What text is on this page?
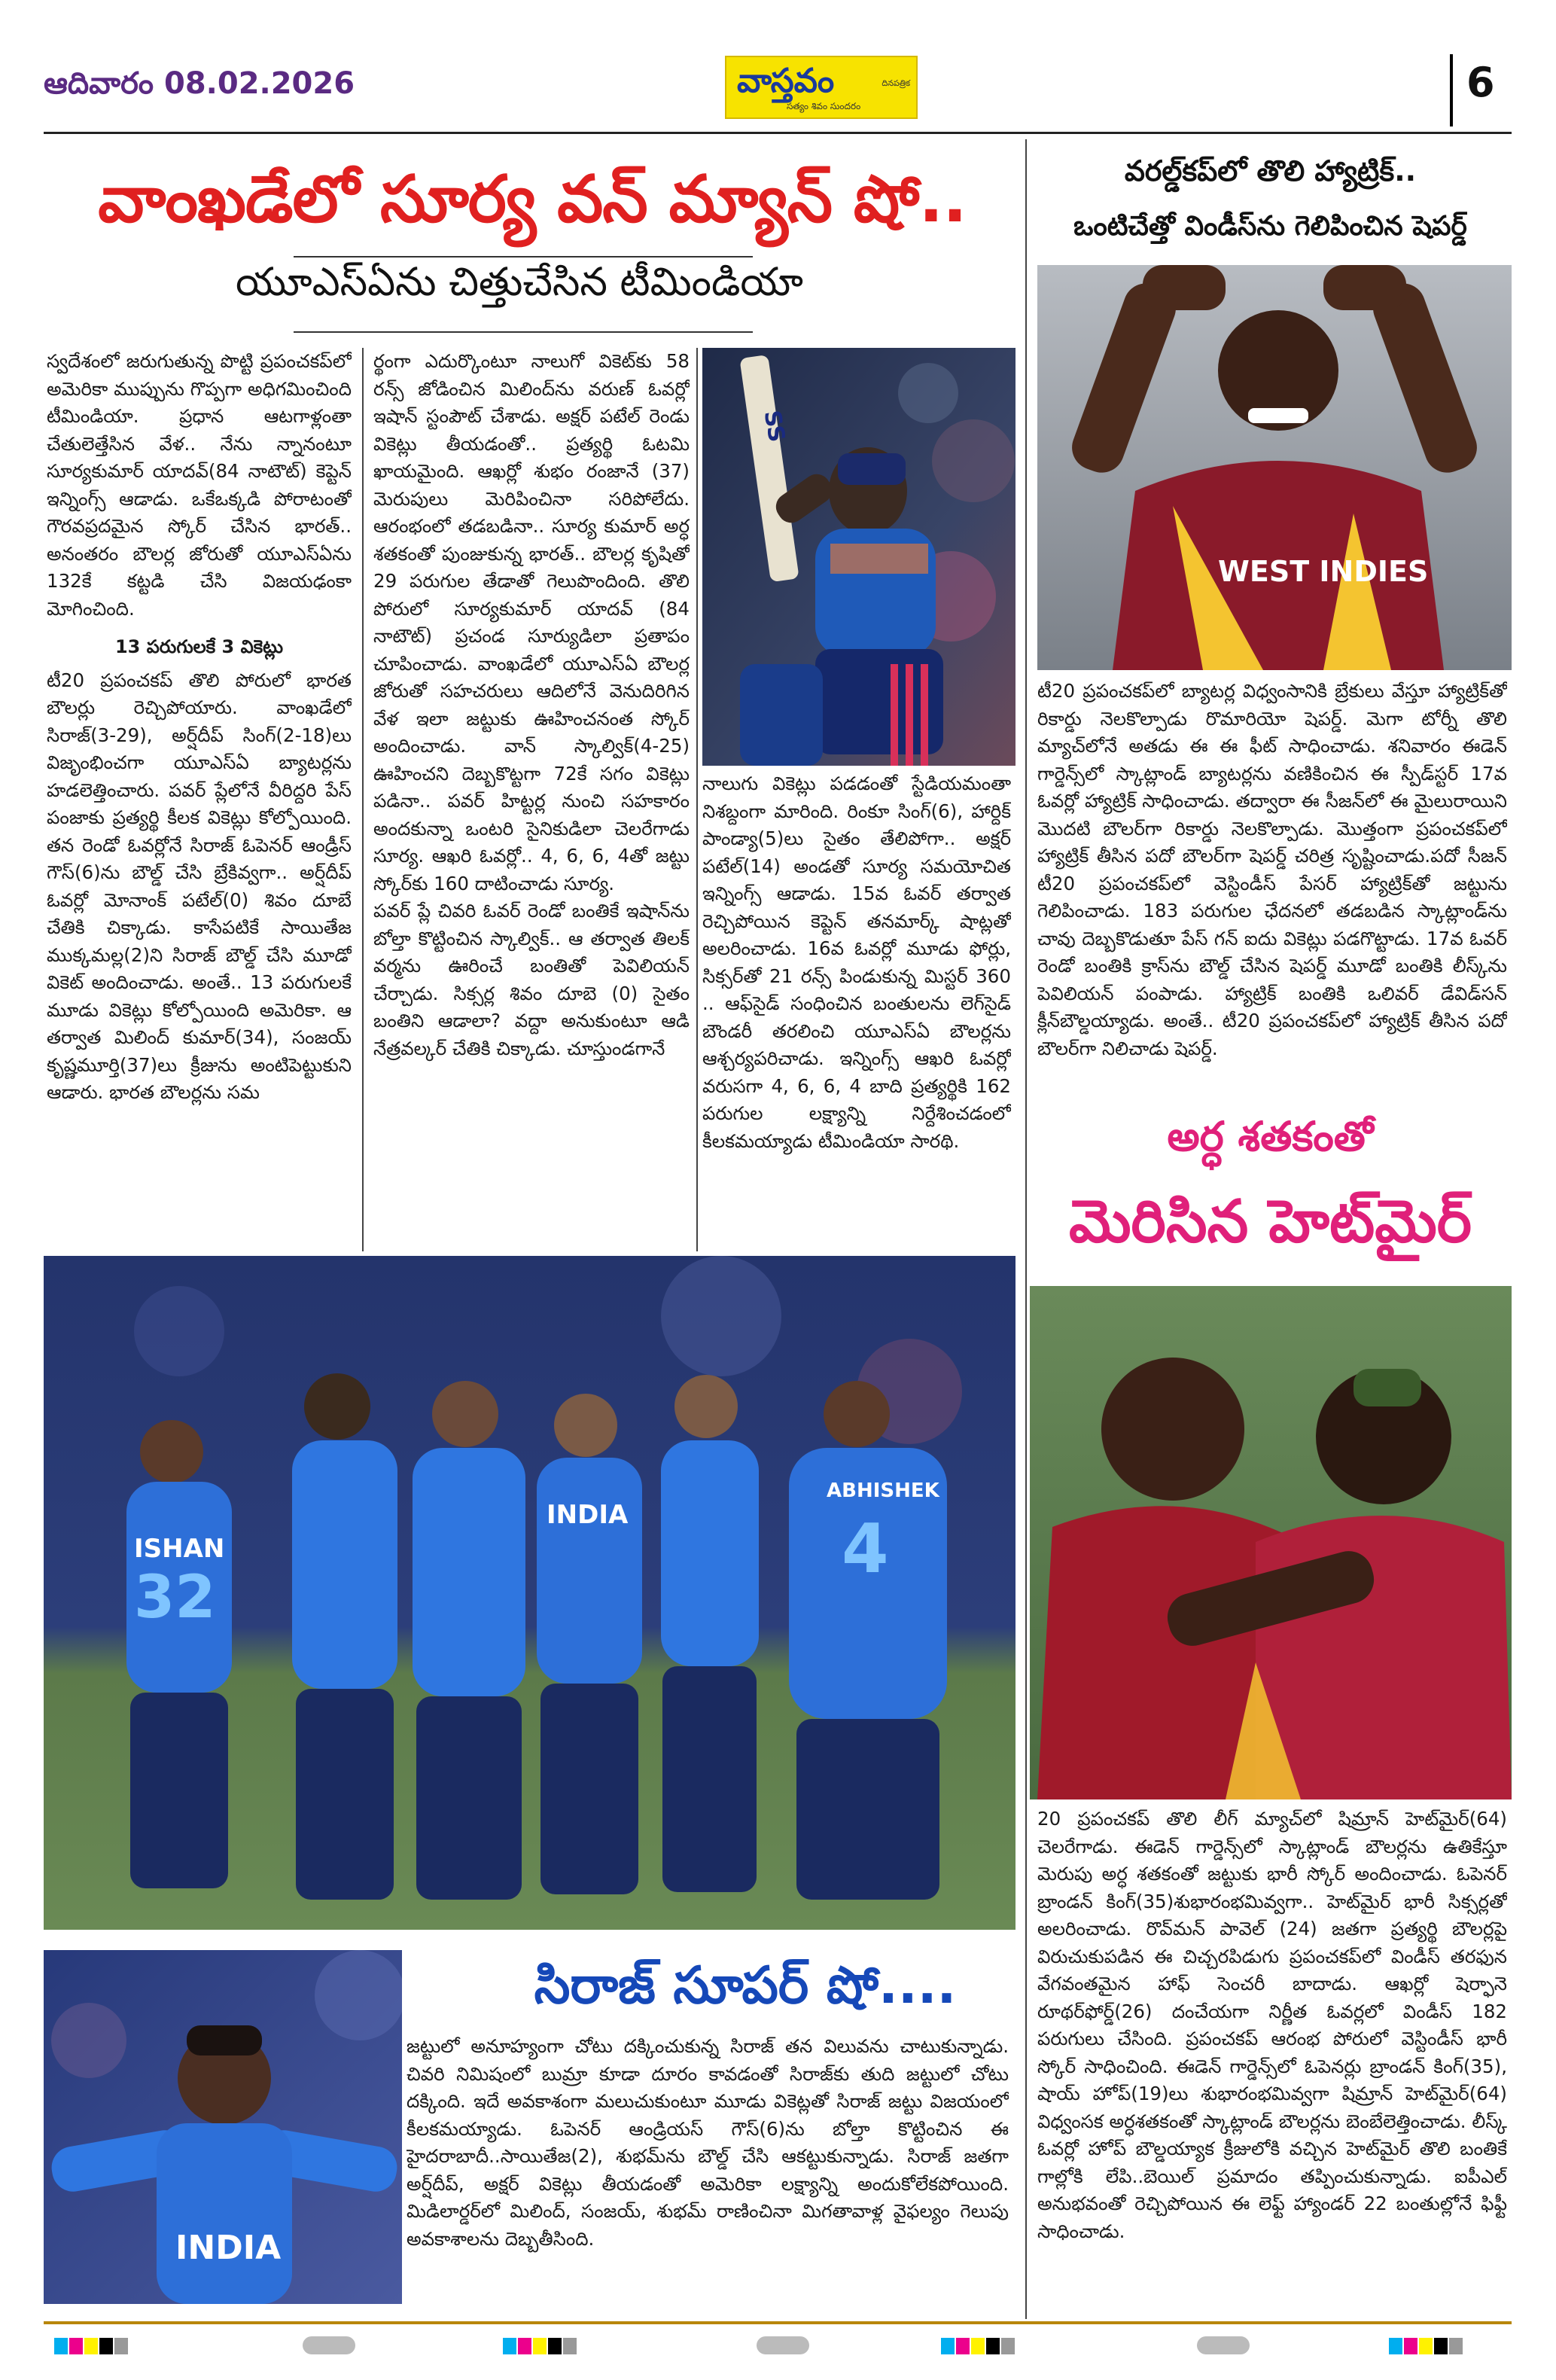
ఆదివారం 08.02.2026	వాస్తవం	దినపత్రిక
సత్యం శివం సుందరం	6
వాంఖడేలో సూర్య వన్ మ్యాన్ షో..
యూఎస్ఏను చిత్తుచేసిన టీమిండియా

స్వదేశంలో జరుగుతున్న పొట్టి ప్రపంచకప్‌లో అమెరికా ముప్పును గొప్పగా అధిగమించింది టీమిండియా. ప్రధాన ఆటగాళ్లంతా చేతులెత్తేసిన వేళ.. నేను న్నానంటూ సూర్యకుమార్ యాదవ్(84 నాటౌట్) కెప్టెన్ ఇన్నింగ్స్ ఆడాడు. ఒకేఒక్కడి పోరాటంతో గౌరవప్రదమైన స్కోర్ చేసిన భారత్.. అనంతరం బౌలర్ల జోరుతో యూఎస్ఏను 132కే కట్టడి చేసి విజయఢంకా మోగించింది.

13 పరుగులకే 3 వికెట్లు

టీ20 ప్రపంచకప్ తొలి పోరులో భారత బౌలర్లు రెచ్చిపోయారు. వాంఖడేలో సిరాజ్(3-29), అర్ష్‌దీప్ సింగ్(2-18)లు విజృంభించగా యూఎస్ఏ బ్యాటర్లను హడలెత్తించారు. పవర్ ప్లేలోనే వీరిద్దరి పేస్ పంజాకు ప్రత్యర్థి కీలక వికెట్లు కోల్పోయింది. తన రెండో ఓవర్లోనే సిరాజ్ ఓపెనర్ ఆండ్రీస్ గౌస్(6)ను బౌల్డ్ చేసి బ్రేకివ్వగా.. అర్ష్‌దీప్ ఓవర్లో మోనాంక్ పటేల్(0) శివం దూబే చేతికి చిక్కాడు. కాసేపటికే సాయితేజ ముక్కమల్ల(2)ని సిరాజ్ బౌల్డ్ చేసి మూడో వికెట్ అందించాడు. అంతే.. 13 పరుగులకే మూడు వికెట్లు కోల్పోయింది అమెరికా. ఆ తర్వాత మిలింద్ కుమార్(34), సంజయ్ కృష్ణమూర్తి(37)లు క్రీజును అంటిపెట్టుకుని ఆడారు. భారత బౌలర్లను సమ

ర్థంగా ఎదుర్కొంటూ నాలుగో వికెట్‌కు 58 రన్స్ జోడించిన మిలింద్‌ను వరుణ్ ఓవర్లో ఇషాన్ స్టంపౌట్ చేశాడు. అక్షర్ పటేల్ రెండు వికెట్లు తీయడంతో.. ప్రత్యర్థి ఓటమి ఖాయమైంది. ఆఖర్లో శుభం రంజానే (37) మెరుపులు మెరిపించినా సరిపోలేదు. ఆరంభంలో తడబడినా.. సూర్య కుమార్ అర్ధ శతకంతో పుంజుకున్న భారత్.. బౌలర్ల కృషితో 29 పరుగుల తేడాతో గెలుపొందింది. తొలి పోరులో సూర్యకుమార్ యాదవ్ (84 నాటౌట్) ప్రచండ సూర్యుడిలా ప్రతాపం చూపించాడు. వాంఖడేలో యూఎస్ఏ బౌలర్ల జోరుతో సహచరులు ఆదిలోనే వెనుదిరిగిన వేళ ఇలా జట్టుకు ఊహించనంత స్కోర్ అందించాడు. వాన్ స్కాల్విక్(4-25) ఊహించని దెబ్బకొట్టగా 72కే సగం వికెట్లు పడినా.. పవర్ హిట్టర్ల నుంచి సహకారం అందకున్నా ఒంటరి సైనికుడిలా చెలరేగాడు సూర్య. ఆఖరి ఓవర్లో.. 4, 6, 6, 4తో జట్టు స్కోర్‌కు 160 దాటించాడు సూర్య.

పవర్ ప్లే చివరి ఓవర్ రెండో బంతికే ఇషాన్‌ను బోల్తా కొట్టించిన స్కాల్విక్.. ఆ తర్వాత తిలక్ వర్మను ఊరించే బంతితో పెవిలియన్ చేర్చాడు. సిక్సర్ల శివం దూబె (0) సైతం బంతిని ఆడాలా? వద్దా అనుకుంటూ ఆడి నేత్రవల్కర్ చేతికి చిక్కాడు. చూస్తుండగానే

SS

నాలుగు వికెట్లు పడడంతో స్టేడియమంతా నిశబ్దంగా మారింది. రింకూ సింగ్(6), హార్దిక్ పాండ్యా(5)లు సైతం తేలిపోగా.. అక్షర్ పటేల్(14) అండతో సూర్య సమయోచిత ఇన్నింగ్స్ ఆడాడు. 15వ ఓవర్ తర్వాత రెచ్చిపోయిన కెప్టెన్ తనమార్క్ షాట్లతో అలరించాడు. 16వ ఓవర్లో మూడు ఫోర్లు, సిక్సర్‌తో 21 రన్స్ పిండుకున్న మిస్టర్ 360 .. ఆఫ్‌సైడ్ సంధించిన బంతులను లెగ్‌సైడ్ బౌండరీ తరలించి యూఎస్ఏ బౌలర్లను ఆశ్చర్యపరిచాడు. ఇన్నింగ్స్ ఆఖరి ఓవర్లో వరుసగా 4, 6, 6, 4 బాది ప్రత్యర్థికి 162 పరుగుల లక్ష్యాన్ని నిర్దేశించడంలో కీలకమయ్యాడు టీమిండియా సారథి.

ISHAN
32
INDIA
ABHISHEK
4
INDIA
సిరాజ్ సూపర్ షో....

జట్టులో అనూహ్యంగా చోటు దక్కించుకున్న సిరాజ్ తన విలువను చాటుకున్నాడు. చివరి నిమిషంలో బుమ్రా కూడా దూరం కావడంతో సిరాజ్‌కు తుది జట్టులో చోటు దక్కింది. ఇదే అవకాశంగా మలుచుకుంటూ మూడు వికెట్లతో సిరాజ్ జట్టు విజయంలో కీలకమయ్యాడు. ఓపెనర్ ఆండ్రియస్ గౌస్(6)ను బోల్తా కొట్టించిన ఈ హైదరాబాదీ..సాయితేజ(2), శుభమ్‌ను బౌల్డ్ చేసి ఆకట్టుకున్నాడు. సిరాజ్ జతగా అర్ష్‌దీప్, అక్షర్ వికెట్లు తీయడంతో అమెరికా లక్ష్యాన్ని అందుకోలేకపోయింది. మిడిలార్డర్‌లో మిలింద్, సంజయ్, శుభమ్ రాణించినా మిగతావాళ్ల వైఫల్యం గెలుపు అవకాశాలను దెబ్బతీసింది.

వరల్డ్‌కప్‌లో తొలి హ్యాట్రిక్..
ఒంటిచేత్తో విండీస్‌ను గెలిపించిన షెపర్డ్
WEST INDIES

టీ20 ప్రపంచకప్‌లో బ్యాటర్ల విధ్వంసానికి బ్రేకులు వేస్తూ హ్యాట్రిక్‌తో రికార్డు నెలకొల్పాడు రొమారియో షెపర్డ్. మెగా టోర్నీ తొలి మ్యాచ్‌లోనే అతడు ఈ ఈ ఫీట్ సాధించాడు. శనివారం ఈడెన్ గార్డెన్స్‌లో స్కాట్లాండ్ బ్యాటర్లను వణికించిన ఈ స్పీడ్‌స్టర్ 17వ ఓవర్లో హ్యాట్రిక్ సాధించాడు. తద్వారా ఈ సీజన్‌లో ఈ మైలురాయిని మొదటి బౌలర్‌గా రికార్డు నెలకొల్పాడు. మొత్తంగా ప్రపంచకప్‌లో హ్యాట్రిక్ తీసిన పదో బౌలర్‌గా షెపర్డ్ చరిత్ర సృష్టించాడు.పదో సీజన్ టీ20 ప్రపంచకప్‌లో వెస్టిండీస్ పేసర్ హ్యాట్రిక్‌తో జట్టును గెలిపించాడు. 183 పరుగుల ఛేదనలో తడబడిన స్కాట్లాండ్‌ను చావు దెబ్బకొడుతూ పేస్ గన్ ఐదు వికెట్లు పడగొట్టాడు. 17వ ఓవర్ రెండో బంతికి క్రాస్‌ను బౌల్డ్ చేసిన షెపర్డ్ మూడో బంతికి లీస్క్‌ను పెవిలియన్ పంపాడు. హ్యాట్రిక్ బంతికి ఒలివర్ డేవిడ్‌సన్ క్లీన్‌బౌల్డయ్యాడు. అంతే.. టీ20 ప్రపంచకప్‌లో హ్యాట్రిక్ తీసిన పదో బౌలర్‌గా నిలిచాడు షెపర్డ్.

అర్ధ శతకంతో
మెరిసిన హెట్‌మైర్

20 ప్రపంచకప్ తొలి లీగ్ మ్యాచ్‌లో షిమ్రాన్ హెట్‌మైర్(64) చెలరేగాడు. ఈడెన్ గార్డెన్స్‌లో స్కాట్లాండ్ బౌలర్లను ఉతికేస్తూ మెరుపు అర్ధ శతకంతో జట్టుకు భారీ స్కోర్ అందించాడు. ఓపెనర్ బ్రాండన్ కింగ్(35)శుభారంభమివ్వగా.. హెట్‌మైర్ భారీ సిక్సర్లతో అలరించాడు. రొవ్‌మన్ పావెల్ (24) జతగా ప్రత్యర్థి బౌలర్లపై విరుచుకుపడిన ఈ చిచ్చరపిడుగు ప్రపంచకప్‌లో విండీస్ తరఫున వేగవంతమైన హాఫ్ సెంచరీ బాదాడు. ఆఖర్లో షెర్ఫానె రూథర్‌ఫోర్డ్(26) దంచేయగా నిర్ణీత ఓవర్లలో విండీస్ 182 పరుగులు చేసింది. ప్రపంచకప్ ఆరంభ పోరులో వెస్టిండీస్ భారీ స్కోర్ సాధించింది. ఈడెన్ గార్డెన్స్‌లో ఓపెనర్లు బ్రాండన్ కింగ్(35), షాయ్ హోప్(19)లు శుభారంభమివ్వగా షిమ్రాన్ హెట్‌మైర్(64) విధ్వంసక అర్ధశతకంతో స్కాట్లాండ్ బౌలర్లను బెంబేలెత్తించాడు. లీస్క్ ఓవర్లో హోప్ బౌల్డయ్యాక క్రీజులోకి వచ్చిన హెట్‌మైర్ తొలి బంతికే గాల్లోకి లేపి..బెయిల్ ప్రమాదం తప్పించుకున్నాడు. ఐపీఎల్ అనుభవంతో రెచ్చిపోయిన ఈ లెఫ్ట్ హ్యాండర్ 22 బంతుల్లోనే ఫిఫ్టీ సాధించాడు.
